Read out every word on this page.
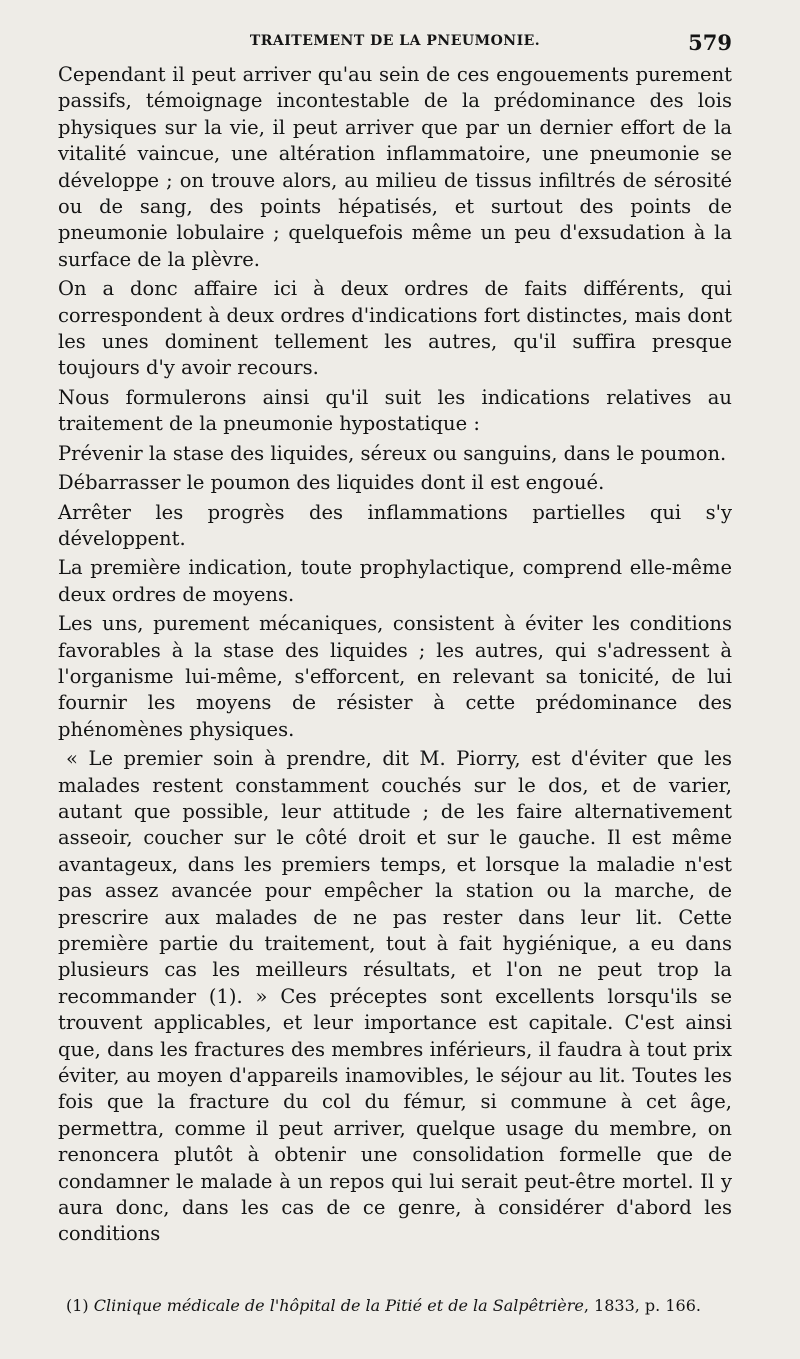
TRAITEMENT DE LA PNEUMONIE.	579

Cependant il peut arriver qu'au sein de ces engouements purement passifs, témoignage incontestable de la prédominance des lois physiques sur la vie, il peut arriver que par un dernier effort de la vitalité vaincue, une altération inflammatoire, une pneumonie se développe ; on trouve alors, au milieu de tissus infiltrés de sérosité ou de sang, des points hépatisés, et surtout des points de pneumonie lobulaire ; quelquefois même un peu d'exsudation à la surface de la plèvre.

On a donc affaire ici à deux ordres de faits différents, qui correspondent à deux ordres d'indications fort distinctes, mais dont les unes dominent tellement les autres, qu'il suffira presque toujours d'y avoir recours.

Nous formulerons ainsi qu'il suit les indications relatives au traitement de la pneumonie hypostatique :

Prévenir la stase des liquides, séreux ou sanguins, dans le poumon.

Débarrasser le poumon des liquides dont il est engoué.

Arrêter les progrès des inflammations partielles qui s'y développent.

La première indication, toute prophylactique, comprend elle-même deux ordres de moyens.

Les uns, purement mécaniques, consistent à éviter les conditions favorables à la stase des liquides ; les autres, qui s'adressent à l'organisme lui-même, s'efforcent, en relevant sa tonicité, de lui fournir les moyens de résister à cette prédominance des phénomènes physiques.

« Le premier soin à prendre, dit M. Piorry, est d'éviter que les malades restent constamment couchés sur le dos, et de varier, autant que possible, leur attitude ; de les faire alternativement asseoir, coucher sur le côté droit et sur le gauche. Il est même avantageux, dans les premiers temps, et lorsque la maladie n'est pas assez avancée pour empêcher la station ou la marche, de prescrire aux malades de ne pas rester dans leur lit. Cette première partie du traitement, tout à fait hygiénique, a eu dans plusieurs cas les meilleurs résultats, et l'on ne peut trop la recommander (1). » Ces préceptes sont excellents lorsqu'ils se trouvent applicables, et leur importance est capitale. C'est ainsi que, dans les fractures des membres inférieurs, il faudra à tout prix éviter, au moyen d'appareils inamovibles, le séjour au lit. Toutes les fois que la fracture du col du fémur, si commune à cet âge, permettra, comme il peut arriver, quelque usage du membre, on renoncera plutôt à obtenir une consolidation formelle que de condamner le malade à un repos qui lui serait peut-être mortel. Il y aura donc, dans les cas de ce genre, à considérer d'abord les conditions

(1) Clinique médicale de l'hôpital de la Pitié et de la Salpêtrière, 1833, p. 166.
